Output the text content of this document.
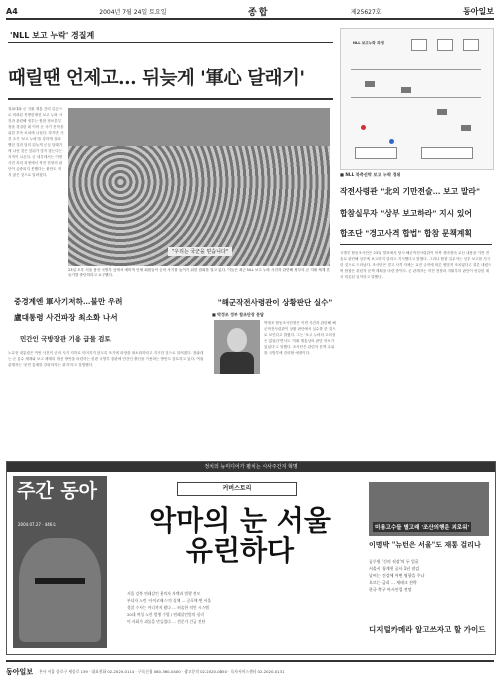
A4	2004년 7월 24일 토요일	종합	제25627호	동아일보
'NLL 보고 누락' 경질계
때릴땐 언제고… 뒤늦게 '軍心 달래기'

청와대와 군 지휘 계통 간의 갈등으로 비화된 북방한계선 보고 누락 사건과 관련해 정부는 합참 정보본부장을 경질한 데 이어 군 사기 진작을 위한 후속 조치에 나섰다. 하지만 사건 초기 '보고 누락'을 강하게 질타했던 것과 달리 뒤늦게 군심 달래기에 나선 것은 앞뒤가 맞지 않는다는 지적이 나온다. 군 내부에서는 이번 사건 처리 과정에서 작전 현장의 판단이 존중되지 못했다는 불만도 적지 않은 것으로 알려졌다.

"우리는 국군을 믿습니다"
23일 오후 서울 용산 국방부 앞에서 예비역 단체 회원들이 군의 사기를 높이기 위한 집회를 열고 있다. 이들은 최근 NLL 보고 누락 사건과 관련해 정부의 군 지휘 체계 흔들기를 중단하라고 요구했다.
NLL 보고누락 과정
■ NLL 북측선박 보고 누락 경위
작전사령관 "北의 기만전술… 보고 말라"
합참실무자 "상부 보고하라" 지시 있어
합조단 "경고사격 합법" 합참 문책계획

국방부 합동조사단은 23일 발표에서 당시 해군작전사령관이 북측 경비정의 교신 내용을 기만 전술로 판단해 상부에 보고하지 말라고 지시했다고 밝혔다. 그러나 합참 실무자는 상부 보고를 지시한 것으로 드러났다. 조사단은 경고 사격 자체는 교전 규칙에 따른 합법적 조치였다고 결론 내렸으며 합참은 관련자 문책 계획을 마련 중이다. 군 관계자는 작전 현장과 지휘부의 판단이 엇갈린 데서 비롯된 일이라고 말했다.

중경계엔 軍사기저하…불만 우려
盧대통령 사건파장 최소화 나서
민간인 국방장관 기용 급물 검토

노무현 대통령은 이번 사건이 군의 사기 저하로 이어지지 않도록 조기에 파장을 최소화하라고 지시한 것으로 알려졌다. 청와대는 군 통수 체계와 보고 체계의 개선 방안을 마련하는 한편 국방부 장관에 민간인 출신을 기용하는 방안도 검토하고 있다. 여권 관계자는 '문민 통제를 강화하자는 취지'라고 설명했다.

"해군작전사령관이 상황판단 실수"
■ 박정조 정부 합조단장 문답

박정조 합동조사단장은 이번 사건과 관련해 해군작전사령관이 상황 판단에서 실수를 한 것으로 보인다고 밝혔다. 그는 '보고 누락의 고의성은 없었다'면서도 '지휘 계통상의 판단 착오가 있었다'고 말했다. 조사단은 관련자 문책 수위를 국방부에 건의할 예정이다.

정치의 뉴미디어가 펼치는 시사주간지 혁명
주간 동아
2004.07.27 · 446호
커버스토리
악마의 눈 서울 유린하다
서울 강북 연쇄살인 용의자 자백과 범행 전모
부녀자 노린 '사이코패스'의 실체 … 공포에 떤 서울
경찰 수사는 어디까지 왔나 … 허술한 치안 시스템
20대 여성 노린 범행 수법 / 연쇄살인범의 심리
이 사회가 괴물을 만들었다 … 전문가 긴급 진단
미용고수들 별고래 '조산의행운 괴로워'
이명박 "뉴턴은 서울"도 재통 걸리나
공무원 '신의 직장'의 두 얼굴
서울시 청계천 공사 1년 점검
날씨는 건강에 어떤 영향을 주나
오르는 금리 … 재테크 전략
한국 축구 아시안컵 전망
디지털카메라 알고쓰자고 할 가이드
동아일보 본사 서울 종로구 세종로 139 · 대표전화 02-2020-0114 · 구독신청 080-360-0400 · 광고문의 02-2020-0850 · 독자서비스센터 02-2020-0131
